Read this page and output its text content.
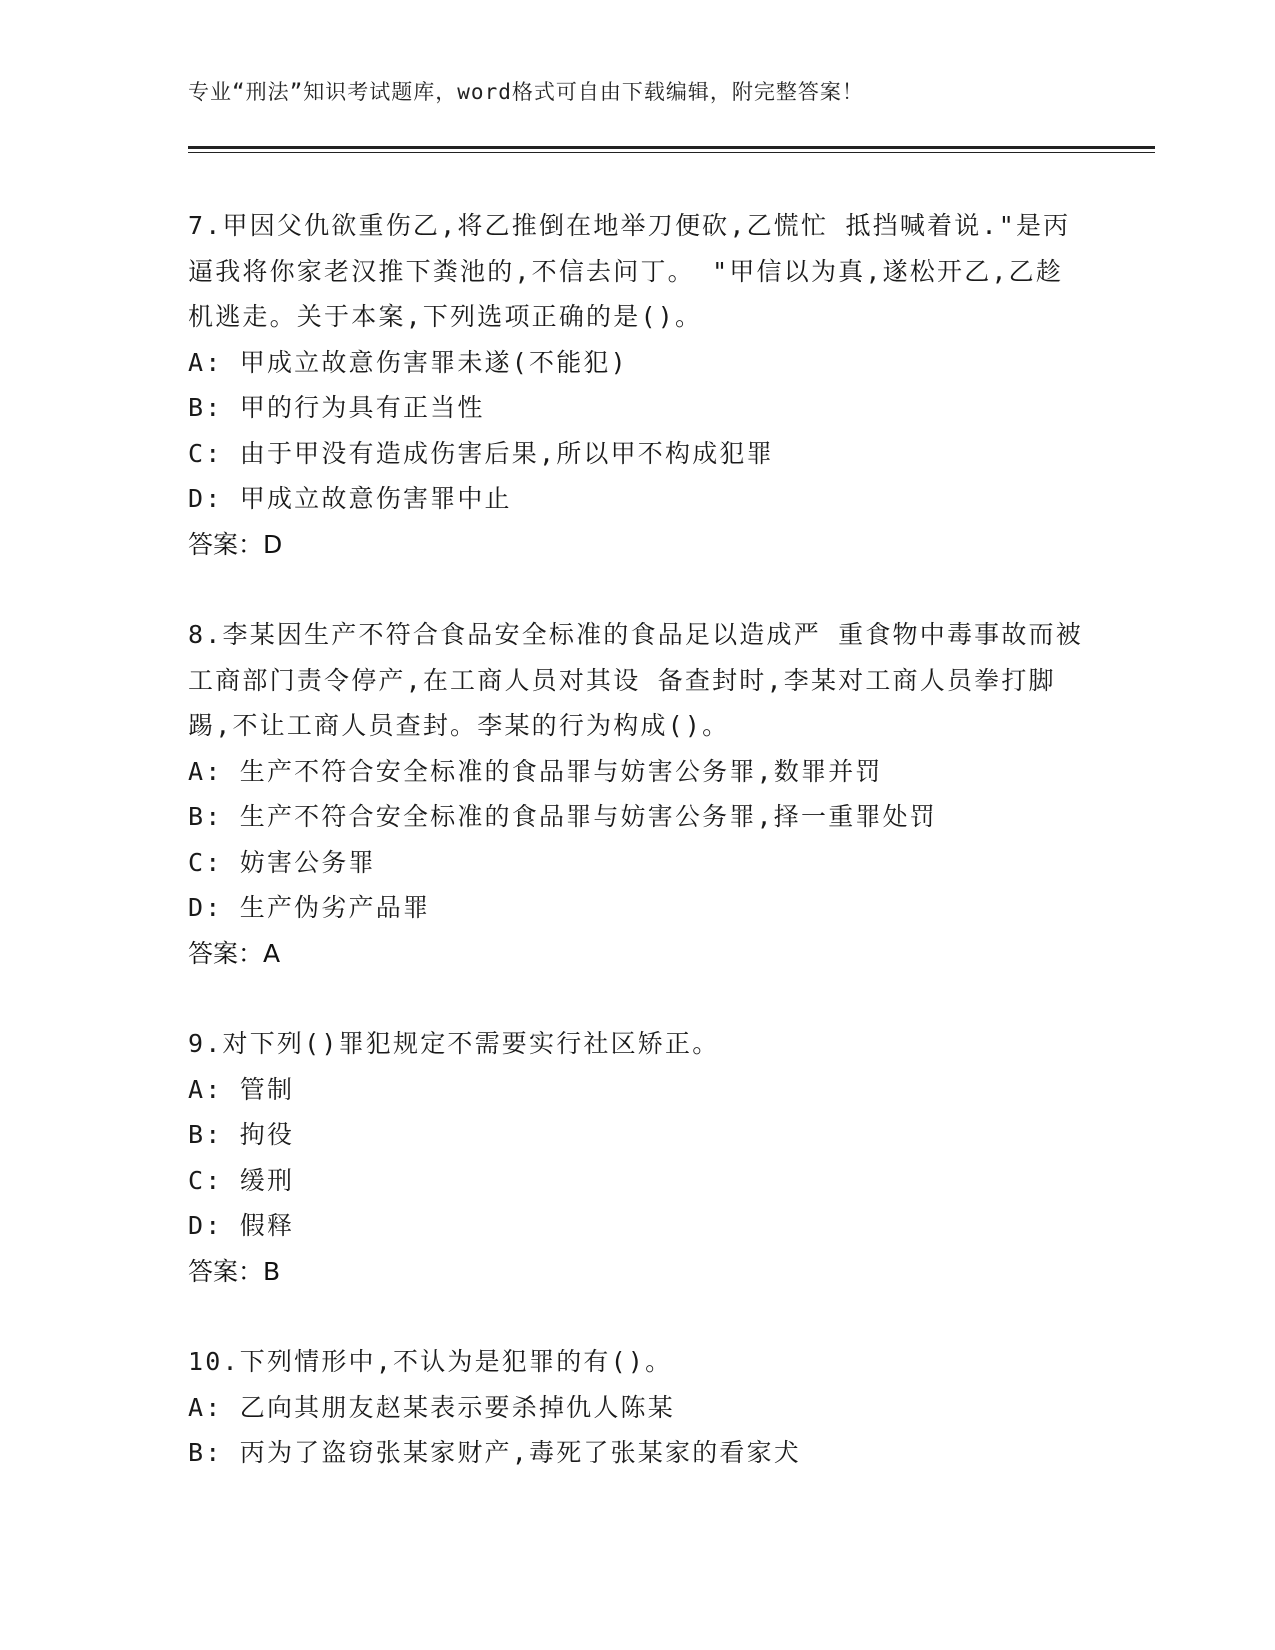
专业“刑法”知识考试题库，word格式可自由下载编辑，附完整答案！

7.甲因父仇欲重伤乙,将乙推倒在地举刀便砍,乙慌忙 抵挡喊着说."是丙逼我将你家老汉推下粪池的,不信去问丁。 "甲信以为真,遂松开乙,乙趁机逃走。关于本案,下列选项正确的是()。

A: 甲成立故意伤害罪未遂(不能犯)

B: 甲的行为具有正当性

C: 由于甲没有造成伤害后果,所以甲不构成犯罪

D: 甲成立故意伤害罪中止

答案：D

8.李某因生产不符合食品安全标准的食品足以造成严 重食物中毒事故而被工商部门责令停产,在工商人员对其设 备查封时,李某对工商人员拳打脚踢,不让工商人员查封。李某的行为构成()。

A: 生产不符合安全标准的食品罪与妨害公务罪,数罪并罚

B: 生产不符合安全标准的食品罪与妨害公务罪,择一重罪处罚

C: 妨害公务罪

D: 生产伪劣产品罪

答案：A

9.对下列()罪犯规定不需要实行社区矫正。

A: 管制

B: 拘役

C: 缓刑

D: 假释

答案：B

10.下列情形中,不认为是犯罪的有()。

A: 乙向其朋友赵某表示要杀掉仇人陈某

B: 丙为了盗窃张某家财产,毒死了张某家的看家犬
